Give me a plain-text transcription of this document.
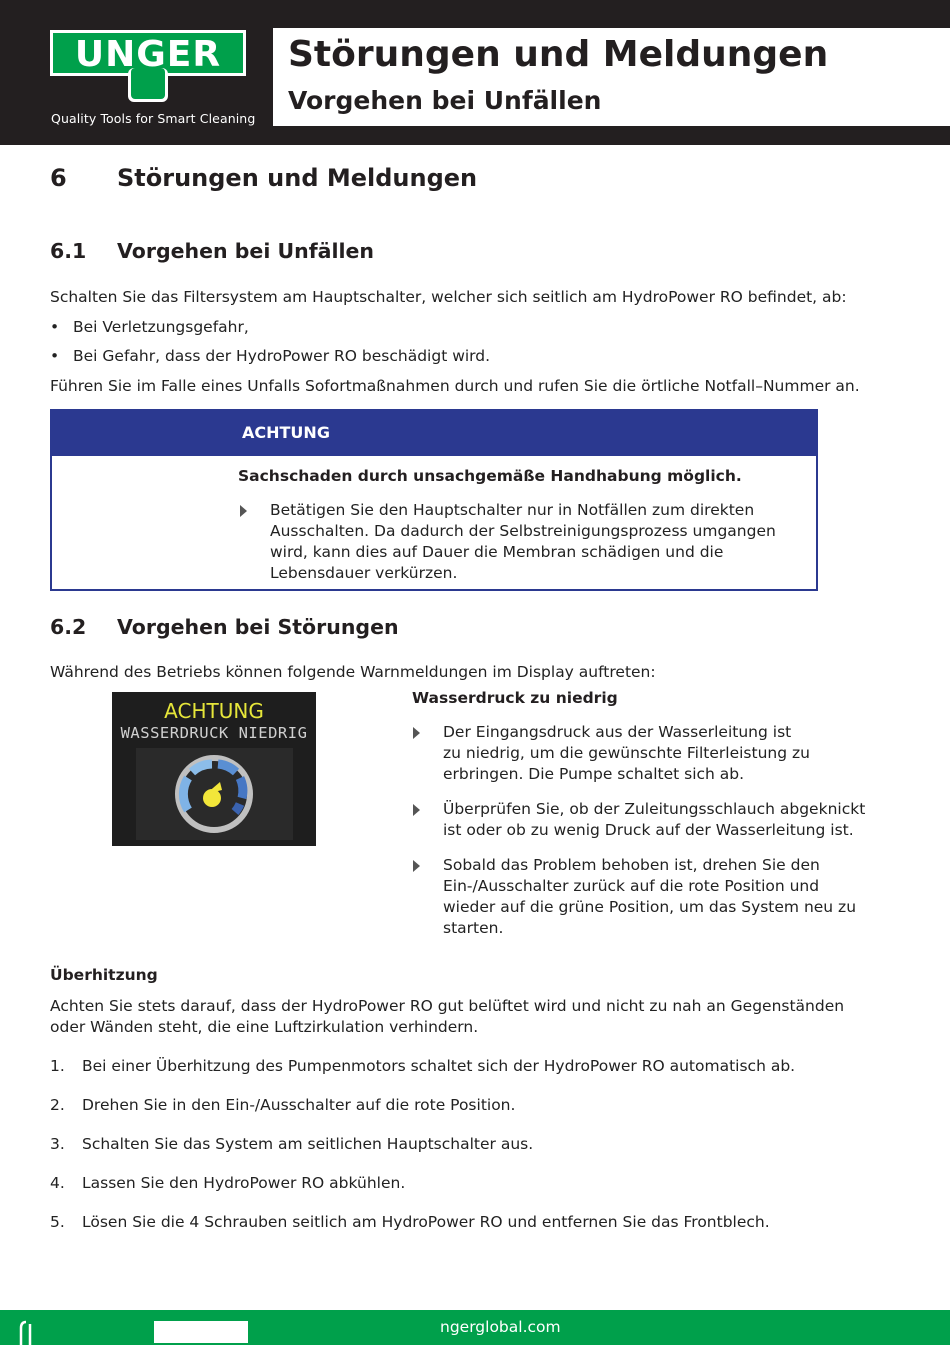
UNGER
Quality Tools for Smart Cleaning
Störungen und Meldungen
Vorgehen bei Unfällen
6 Störungen und Meldungen
6.1 Vorgehen bei Unfällen
Schalten Sie das Filtersystem am Hauptschalter, welcher sich seitlich am HydroPower RO befindet, ab:
• Bei Verletzungsgefahr,
• Bei Gefahr, dass der HydroPower RO beschädigt wird.
Führen Sie im Falle eines Unfalls Sofortmaßnahmen durch und rufen Sie die örtliche Notfall–Nummer an.
ACHTUNG
Sachschaden durch unsachgemäße Handhabung möglich.
Betätigen Sie den Hauptschalter nur in Notfällen zum direkten
Ausschalten. Da dadurch der Selbstreinigungsprozess umgangen
wird, kann dies auf Dauer die Membran schädigen und die
Lebensdauer verkürzen.
6.2 Vorgehen bei Störungen
Während des Betriebs können folgende Warnmeldungen im Display auftreten:
ACHTUNG
WASSERDRUCK NIEDRIG
Wasserdruck zu niedrig
Der Eingangsdruck aus der Wasserleitung ist
zu niedrig, um die gewünschte Filterleistung zu
erbringen. Die Pumpe schaltet sich ab.
Überprüfen Sie, ob der Zuleitungsschlauch abgeknickt
ist oder ob zu wenig Druck auf der Wasserleitung ist.
Sobald das Problem behoben ist, drehen Sie den
Ein-/Ausschalter zurück auf die rote Position und
wieder auf die grüne Position, um das System neu zu
starten.
Überhitzung
Achten Sie stets darauf, dass der HydroPower RO gut belüftet wird und nicht zu nah an Gegenständen
oder Wänden steht, die eine Luftzirkulation verhindern.
1. Bei einer Überhitzung des Pumpenmotors schaltet sich der HydroPower RO automatisch ab.
2. Drehen Sie in den Ein-/Ausschalter auf die rote Position.
3. Schalten Sie das System am seitlichen Hauptschalter aus.
4. Lassen Sie den HydroPower RO abkühlen.
5. Lösen Sie die 4 Schrauben seitlich am HydroPower RO und entfernen Sie das Frontblech.
ngerglobal.com
